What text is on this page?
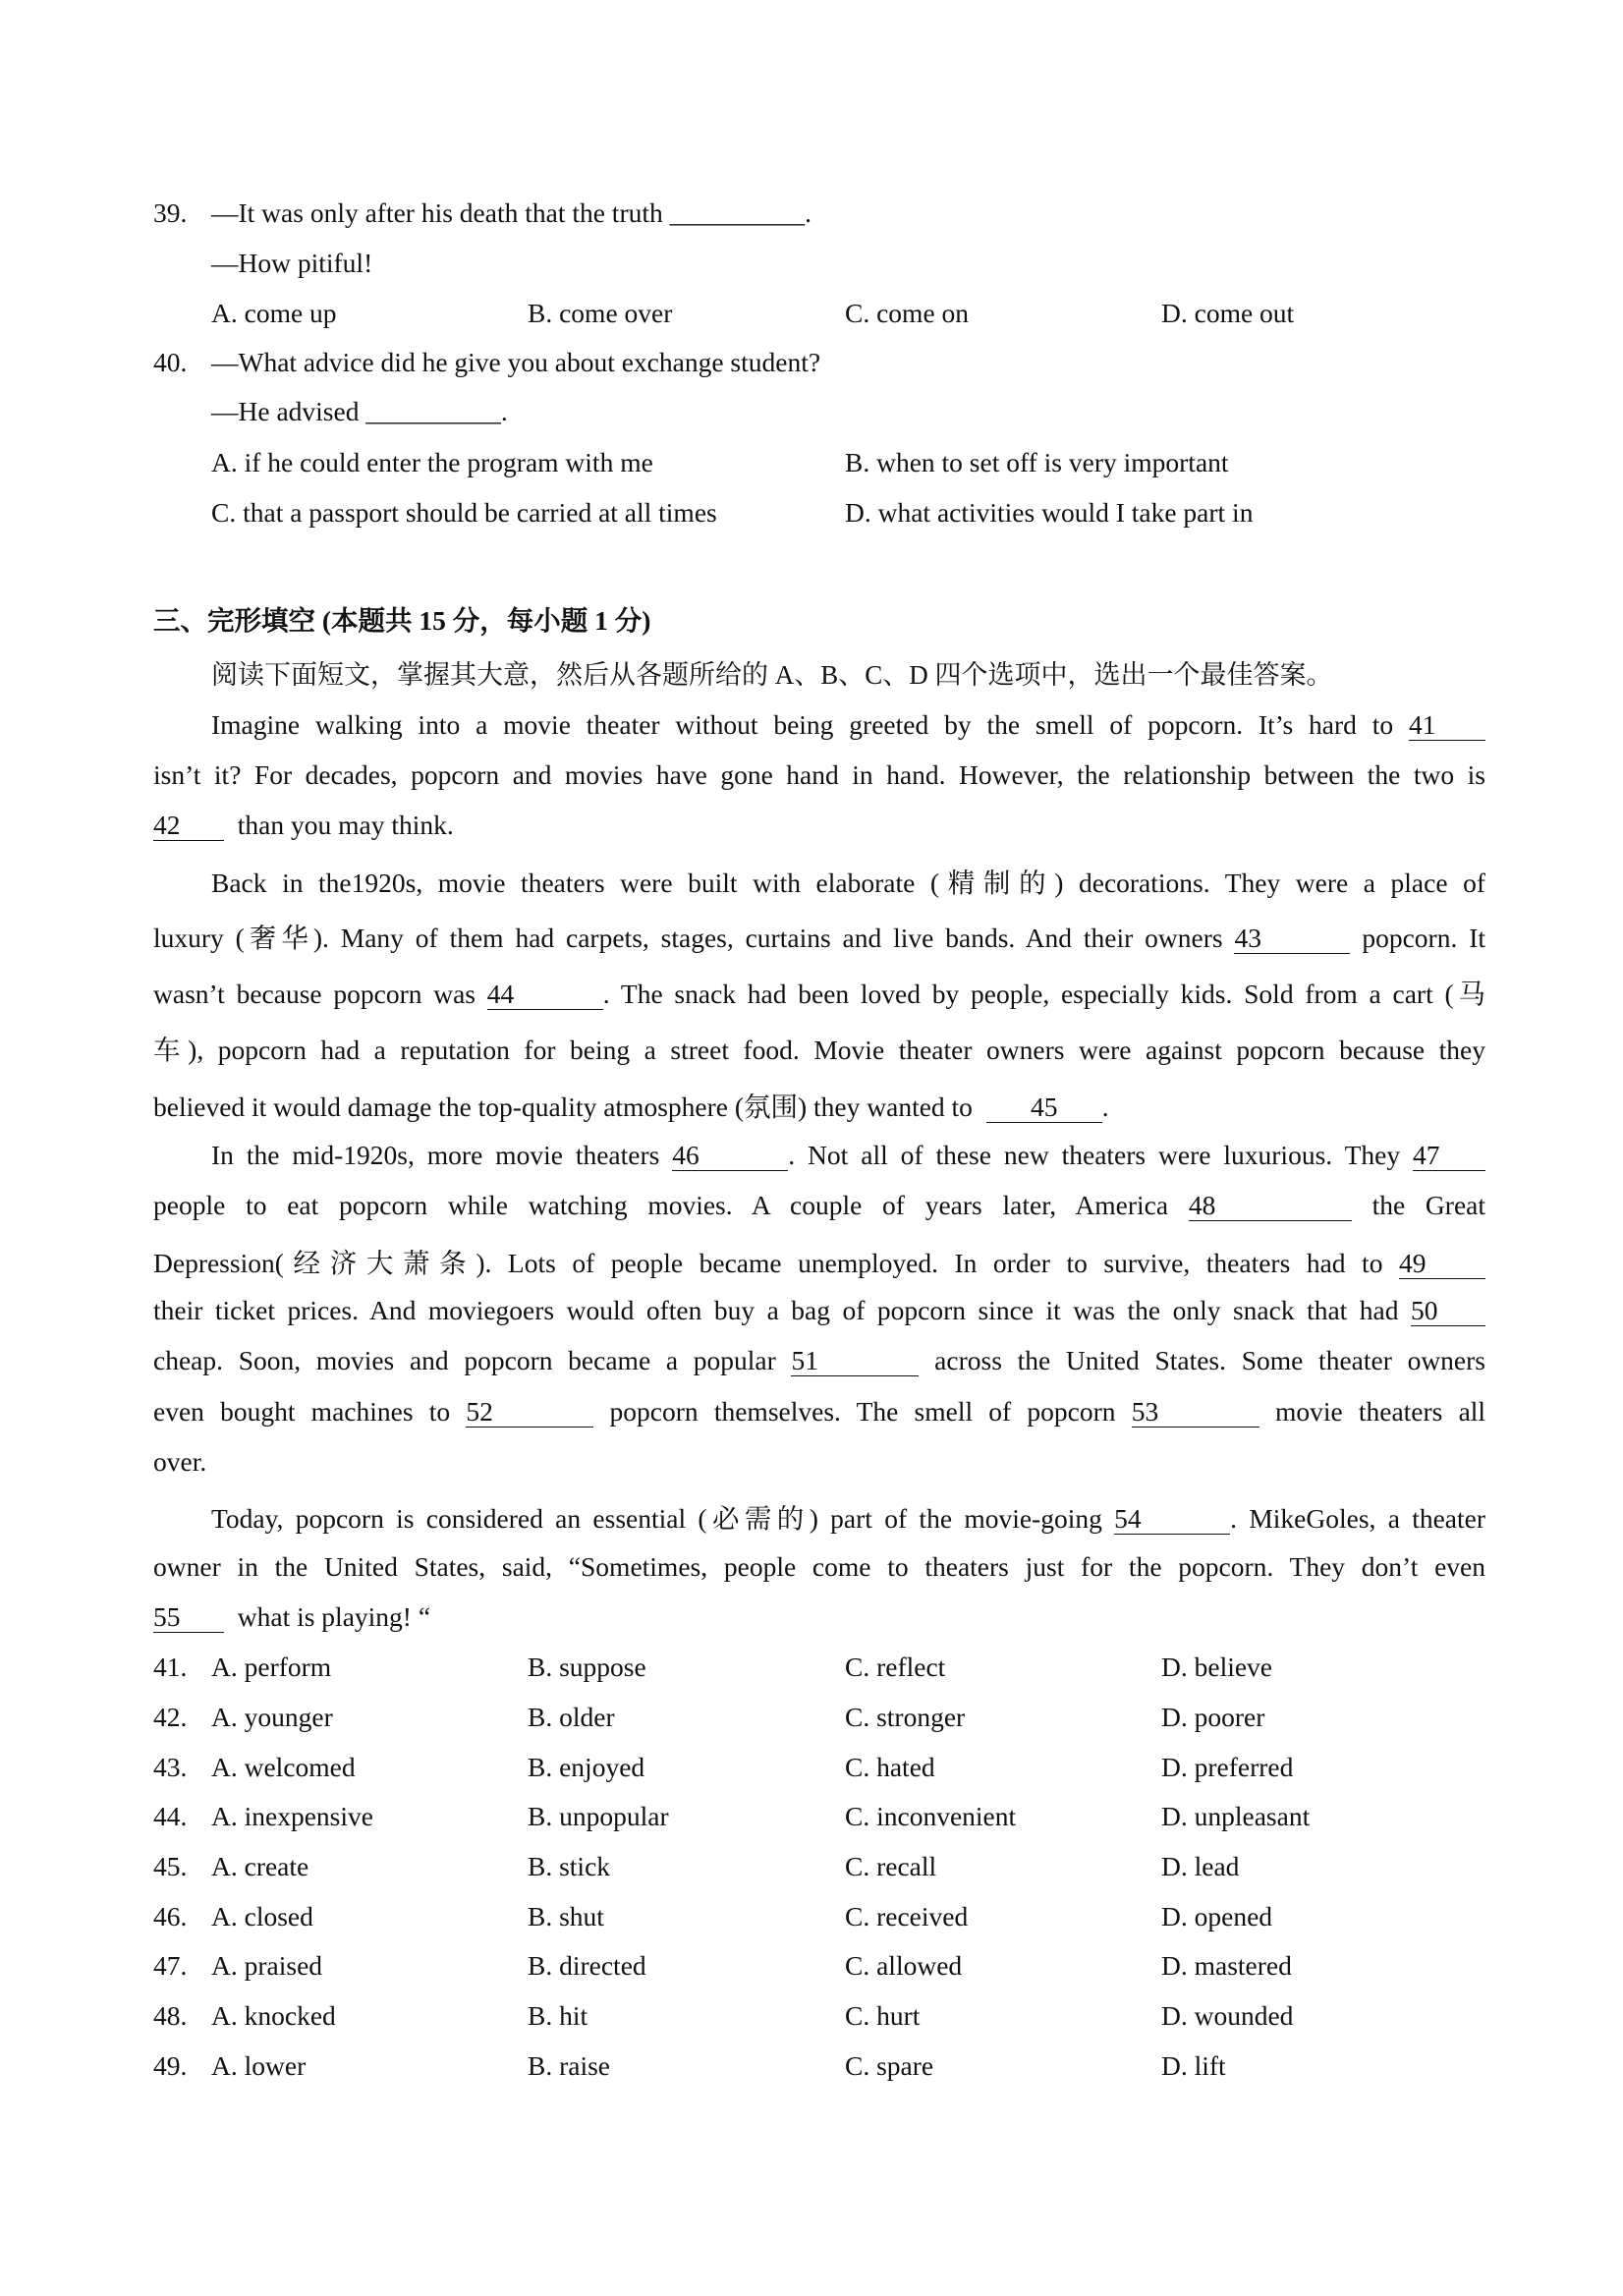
39. —It was only after his death that the truth __________.
—How pitiful!
A. come up	B. come over	C. come on	D. come out
40. —What advice did he give you about exchange student?
—He advised __________.
A. if he could enter the program with me	B. when to set off is very important
C. that a passport should be carried at all times	D. what activities would I take part in
三、完形填空 (本题共 15 分，每小题 1 分)
阅读下面短文，掌握其大意，然后从各题所给的 A、B、C、D 四个选项中，选出一个最佳答案。
Imagine walking into a movie theater without being greeted by the smell of popcorn. It’s hard to 41
isn’t it? For decades, popcorn and movies have gone hand in hand. However, the relationship between the two is
42 than you may think.
Back in the1920s, movie theaters were built with elaborate (精制的) decorations. They were a place of
luxury (奢华). Many of them had carpets, stages, curtains and live bands. And their owners 43	popcorn. It
wasn’t because popcorn was 44	. The snack had been loved by people, especially kids. Sold from a cart (马
车), popcorn had a reputation for being a street food. Movie theater owners were against popcorn because they
believed it would damage the top-quality atmosphere (氛围) they wanted to 45 .
In the mid-1920s, more movie theaters 46	. Not all of these new theaters were luxurious. They 47
people to eat popcorn while watching movies. A couple of years later, America 48	the Great
Depression(经济大萧条). Lots of people became unemployed. In order to survive, theaters had to 49
their ticket prices. And moviegoers would often buy a bag of popcorn since it was the only snack that had 50
cheap. Soon, movies and popcorn became a popular 51	across the United States. Some theater owners
even bought machines to 52	popcorn themselves. The smell of popcorn 53	movie theaters all
over.
Today, popcorn is considered an essential (必需的) part of the movie-going 54	. MikeGoles, a theater
owner in the United States, said, “Sometimes, people come to theaters just for the popcorn. They don’t even
55 what is playing! “
41. A. perform	B. suppose	C. reflect	D. believe
42. A. younger	B. older	C. stronger	D. poorer
43. A. welcomed	B. enjoyed	C. hated	D. preferred
44. A. inexpensive	B. unpopular	C. inconvenient	D. unpleasant
45. A. create	B. stick	C. recall	D. lead
46. A. closed	B. shut	C. received	D. opened
47. A. praised	B. directed	C. allowed	D. mastered
48. A. knocked	B. hit	C. hurt	D. wounded
49. A. lower	B. raise	C. spare	D. lift
